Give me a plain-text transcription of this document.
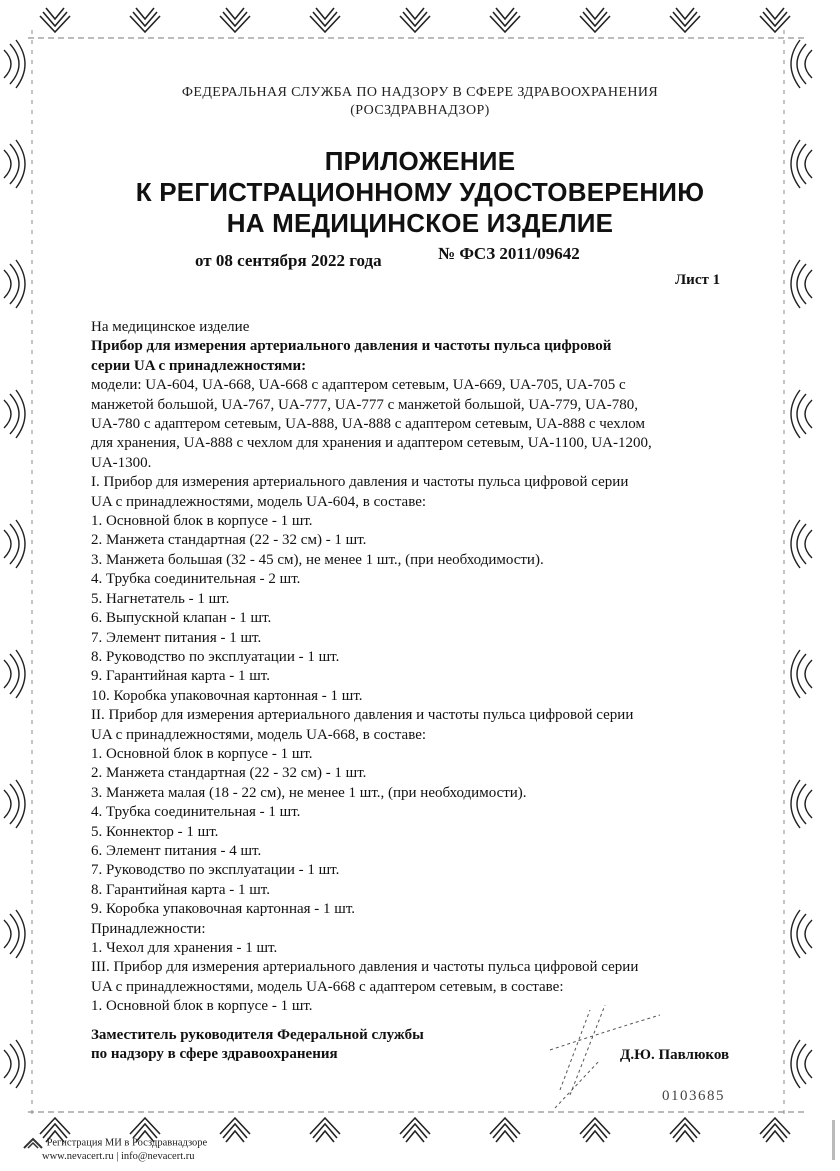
ФЕДЕРАЛЬНАЯ СЛУЖБА ПО НАДЗОРУ В СФЕРЕ ЗДРАВООХРАНЕНИЯ
(РОСЗДРАВНАДЗОР)
ПРИЛОЖЕНИЕ
К РЕГИСТРАЦИОННОМУ УДОСТОВЕРЕНИЮ
НА МЕДИЦИНСКОЕ ИЗДЕЛИЕ
от 08 сентября 2022 года	№ ФСЗ 2011/09642
Лист 1
На медицинское изделие
Прибор для измерения артериального давления и частоты пульса цифровой
серии UA с принадлежностями:
модели: UA-604, UA-668, UA-668 с адаптером сетевым, UA-669, UA-705, UA-705 с
манжетой большой, UA-767, UA-777, UA-777 с манжетой большой, UA-779, UA-780,
UA-780 с адаптером сетевым, UA-888, UA-888 с адаптером сетевым, UA-888 с чехлом
для хранения, UA-888 с чехлом для хранения и адаптером сетевым, UA-1100, UA-1200,
UA-1300.
I. Прибор для измерения артериального давления и частоты пульса цифровой серии
UA с принадлежностями, модель UA-604, в составе:
1. Основной блок в корпусе - 1 шт.
2. Манжета стандартная (22 - 32 см) - 1 шт.
3. Манжета большая (32 - 45 см), не менее 1 шт., (при необходимости).
4. Трубка соединительная - 2 шт.
5. Нагнетатель - 1 шт.
6. Выпускной клапан - 1 шт.
7. Элемент питания - 1 шт.
8. Руководство по эксплуатации - 1 шт.
9. Гарантийная карта - 1 шт.
10. Коробка упаковочная картонная - 1 шт.
II. Прибор для измерения артериального давления и частоты пульса цифровой серии
UA с принадлежностями, модель UA-668, в составе:
1. Основной блок в корпусе - 1 шт.
2. Манжета стандартная (22 - 32 см) - 1 шт.
3. Манжета малая (18 - 22 см), не менее 1 шт., (при необходимости).
4. Трубка соединительная - 1 шт.
5. Коннектор - 1 шт.
6. Элемент питания - 4 шт.
7. Руководство по эксплуатации - 1 шт.
8. Гарантийная карта - 1 шт.
9. Коробка упаковочная картонная - 1 шт.
Принадлежности:
1. Чехол для хранения - 1 шт.
III. Прибор для измерения артериального давления и частоты пульса цифровой серии
UA с принадлежностями, модель UA-668 с адаптером сетевым, в составе:
1. Основной блок в корпусе - 1 шт.
Заместитель руководителя Федеральной службы
по надзору в сфере здравоохранения	Д.Ю. Павлюков
0103685
Регистрация МИ в Росздравнадзоре
www.nevacert.ru | info@nevacert.ru
